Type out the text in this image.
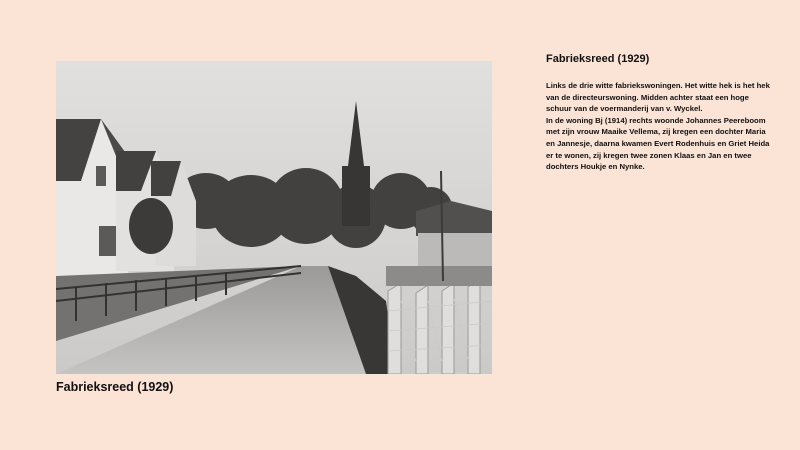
Fabrieksreed (1929)
Fabrieksreed (1929)

Links de drie witte fabriekswoningen. Het witte hek is het hek van de directeurswoning. Midden achter staat een hoge schuur van de voermanderij van v. Wyckel.

In de woning Bj (1914) rechts woonde Johannes Peereboom met zijn vrouw Maaike Vellema, zij kregen een dochter Maria en Jannesje, daarna kwamen Evert Rodenhuis en Griet Heida er te wonen, zij kregen twee zonen Klaas en Jan en twee dochters Houkje en Nynke.
